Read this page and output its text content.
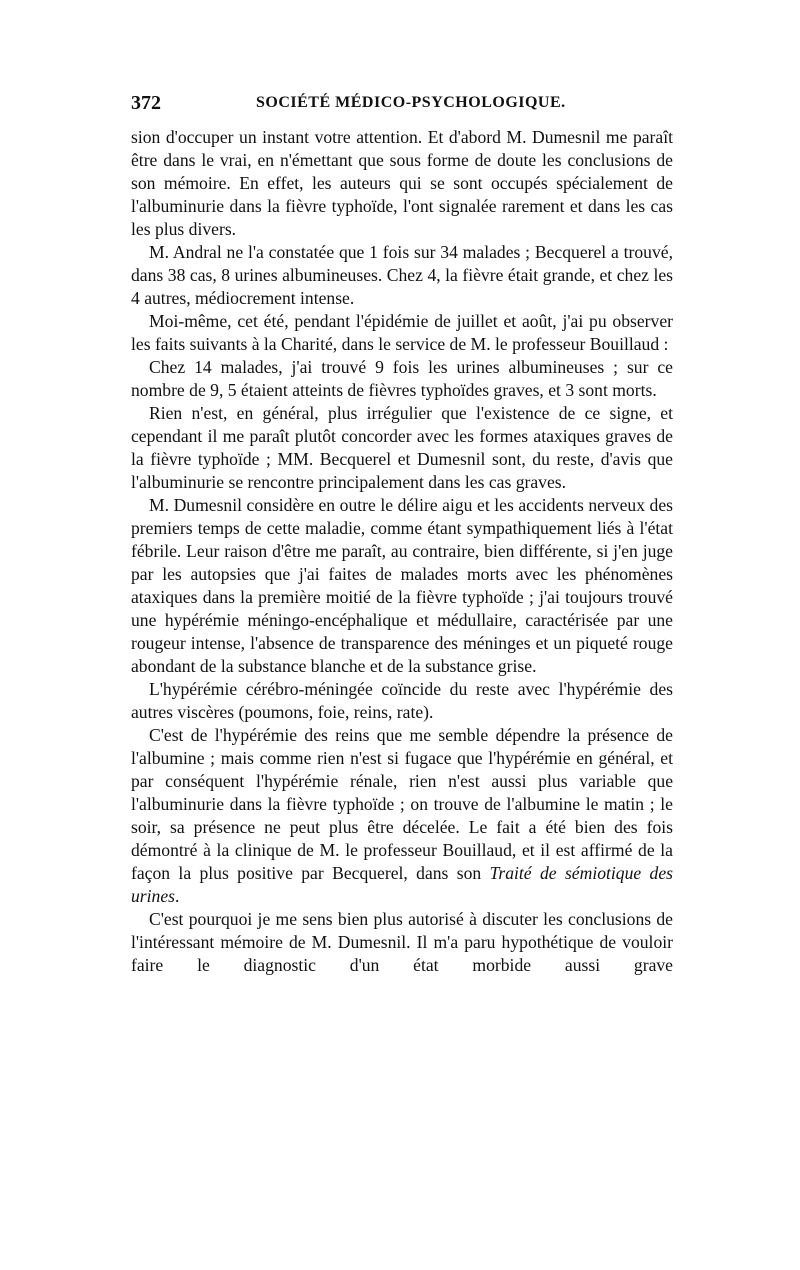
372	SOCIÉTÉ MÉDICO-PSYCHOLOGIQUE.

sion d'occuper un instant votre attention. Et d'abord M. Dumesnil me paraît être dans le vrai, en n'émettant que sous forme de doute les conclusions de son mémoire. En effet, les auteurs qui se sont occupés spécialement de l'albuminurie dans la fièvre typhoïde, l'ont signalée rarement et dans les cas les plus divers.

M. Andral ne l'a constatée que 1 fois sur 34 malades ; Becquerel a trouvé, dans 38 cas, 8 urines albumineuses. Chez 4, la fièvre était grande, et chez les 4 autres, médiocrement intense.

Moi-même, cet été, pendant l'épidémie de juillet et août, j'ai pu observer les faits suivants à la Charité, dans le service de M. le professeur Bouillaud :

Chez 14 malades, j'ai trouvé 9 fois les urines albumineuses ; sur ce nombre de 9, 5 étaient atteints de fièvres typhoïdes graves, et 3 sont morts.

Rien n'est, en général, plus irrégulier que l'existence de ce signe, et cependant il me paraît plutôt concorder avec les formes ataxiques graves de la fièvre typhoïde ; MM. Becquerel et Dumesnil sont, du reste, d'avis que l'albuminurie se rencontre principalement dans les cas graves.

M. Dumesnil considère en outre le délire aigu et les accidents nerveux des premiers temps de cette maladie, comme étant sympathiquement liés à l'état fébrile. Leur raison d'être me paraît, au contraire, bien différente, si j'en juge par les autopsies que j'ai faites de malades morts avec les phénomènes ataxiques dans la première moitié de la fièvre typhoïde ; j'ai toujours trouvé une hypérémie méningo-encéphalique et médullaire, caractérisée par une rougeur intense, l'absence de transparence des méninges et un piqueté rouge abondant de la substance blanche et de la substance grise.

L'hypérémie cérébro-méningée coïncide du reste avec l'hypérémie des autres viscères (poumons, foie, reins, rate).

C'est de l'hypérémie des reins que me semble dépendre la présence de l'albumine ; mais comme rien n'est si fugace que l'hypérémie en général, et par conséquent l'hypérémie rénale, rien n'est aussi plus variable que l'albuminurie dans la fièvre typhoïde ; on trouve de l'albumine le matin ; le soir, sa présence ne peut plus être décelée. Le fait a été bien des fois démontré à la clinique de M. le professeur Bouillaud, et il est affirmé de la façon la plus positive par Becquerel, dans son Traité de sémiotique des urines.

C'est pourquoi je me sens bien plus autorisé à discuter les conclusions de l'intéressant mémoire de M. Dumesnil. Il m'a paru hypothétique de vouloir faire le diagnostic d'un état morbide aussi grave
